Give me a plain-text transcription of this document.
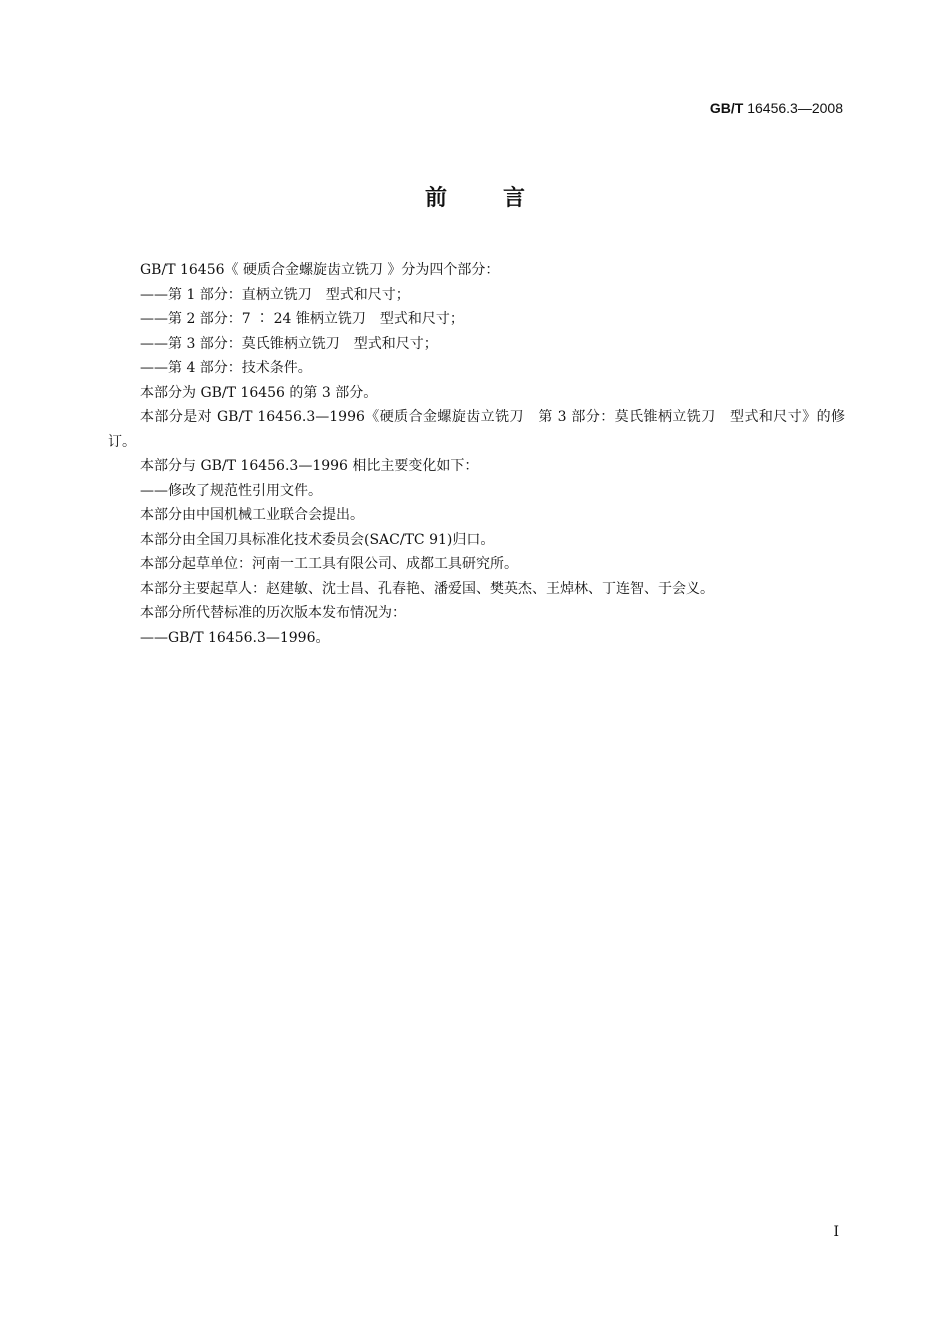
GB/T 16456.3—2008
前言

GB/T 16456《 硬质合金螺旋齿立铣刀 》分为四个部分：

——第 1 部分：直柄立铣刀　型式和尺寸；

——第 2 部分：7 ∶ 24 锥柄立铣刀　型式和尺寸；

——第 3 部分：莫氏锥柄立铣刀　型式和尺寸；

——第 4 部分：技术条件。

本部分为 GB/T 16456 的第 3 部分。

本部分是对 GB/T 16456.3—1996《硬质合金螺旋齿立铣刀　第 3 部分：莫氏锥柄立铣刀　型式和尺寸》的修订。

本部分与 GB/T 16456.3—1996 相比主要变化如下：

——修改了规范性引用文件。

本部分由中国机械工业联合会提出。

本部分由全国刀具标准化技术委员会(SAC/TC 91)归口。

本部分起草单位：河南一工工具有限公司、成都工具研究所。

本部分主要起草人：赵建敏、沈士昌、孔春艳、潘爱国、樊英杰、王焯林、丁连智、于会义。

本部分所代替标准的历次版本发布情况为：

——GB/T 16456.3—1996。

I
